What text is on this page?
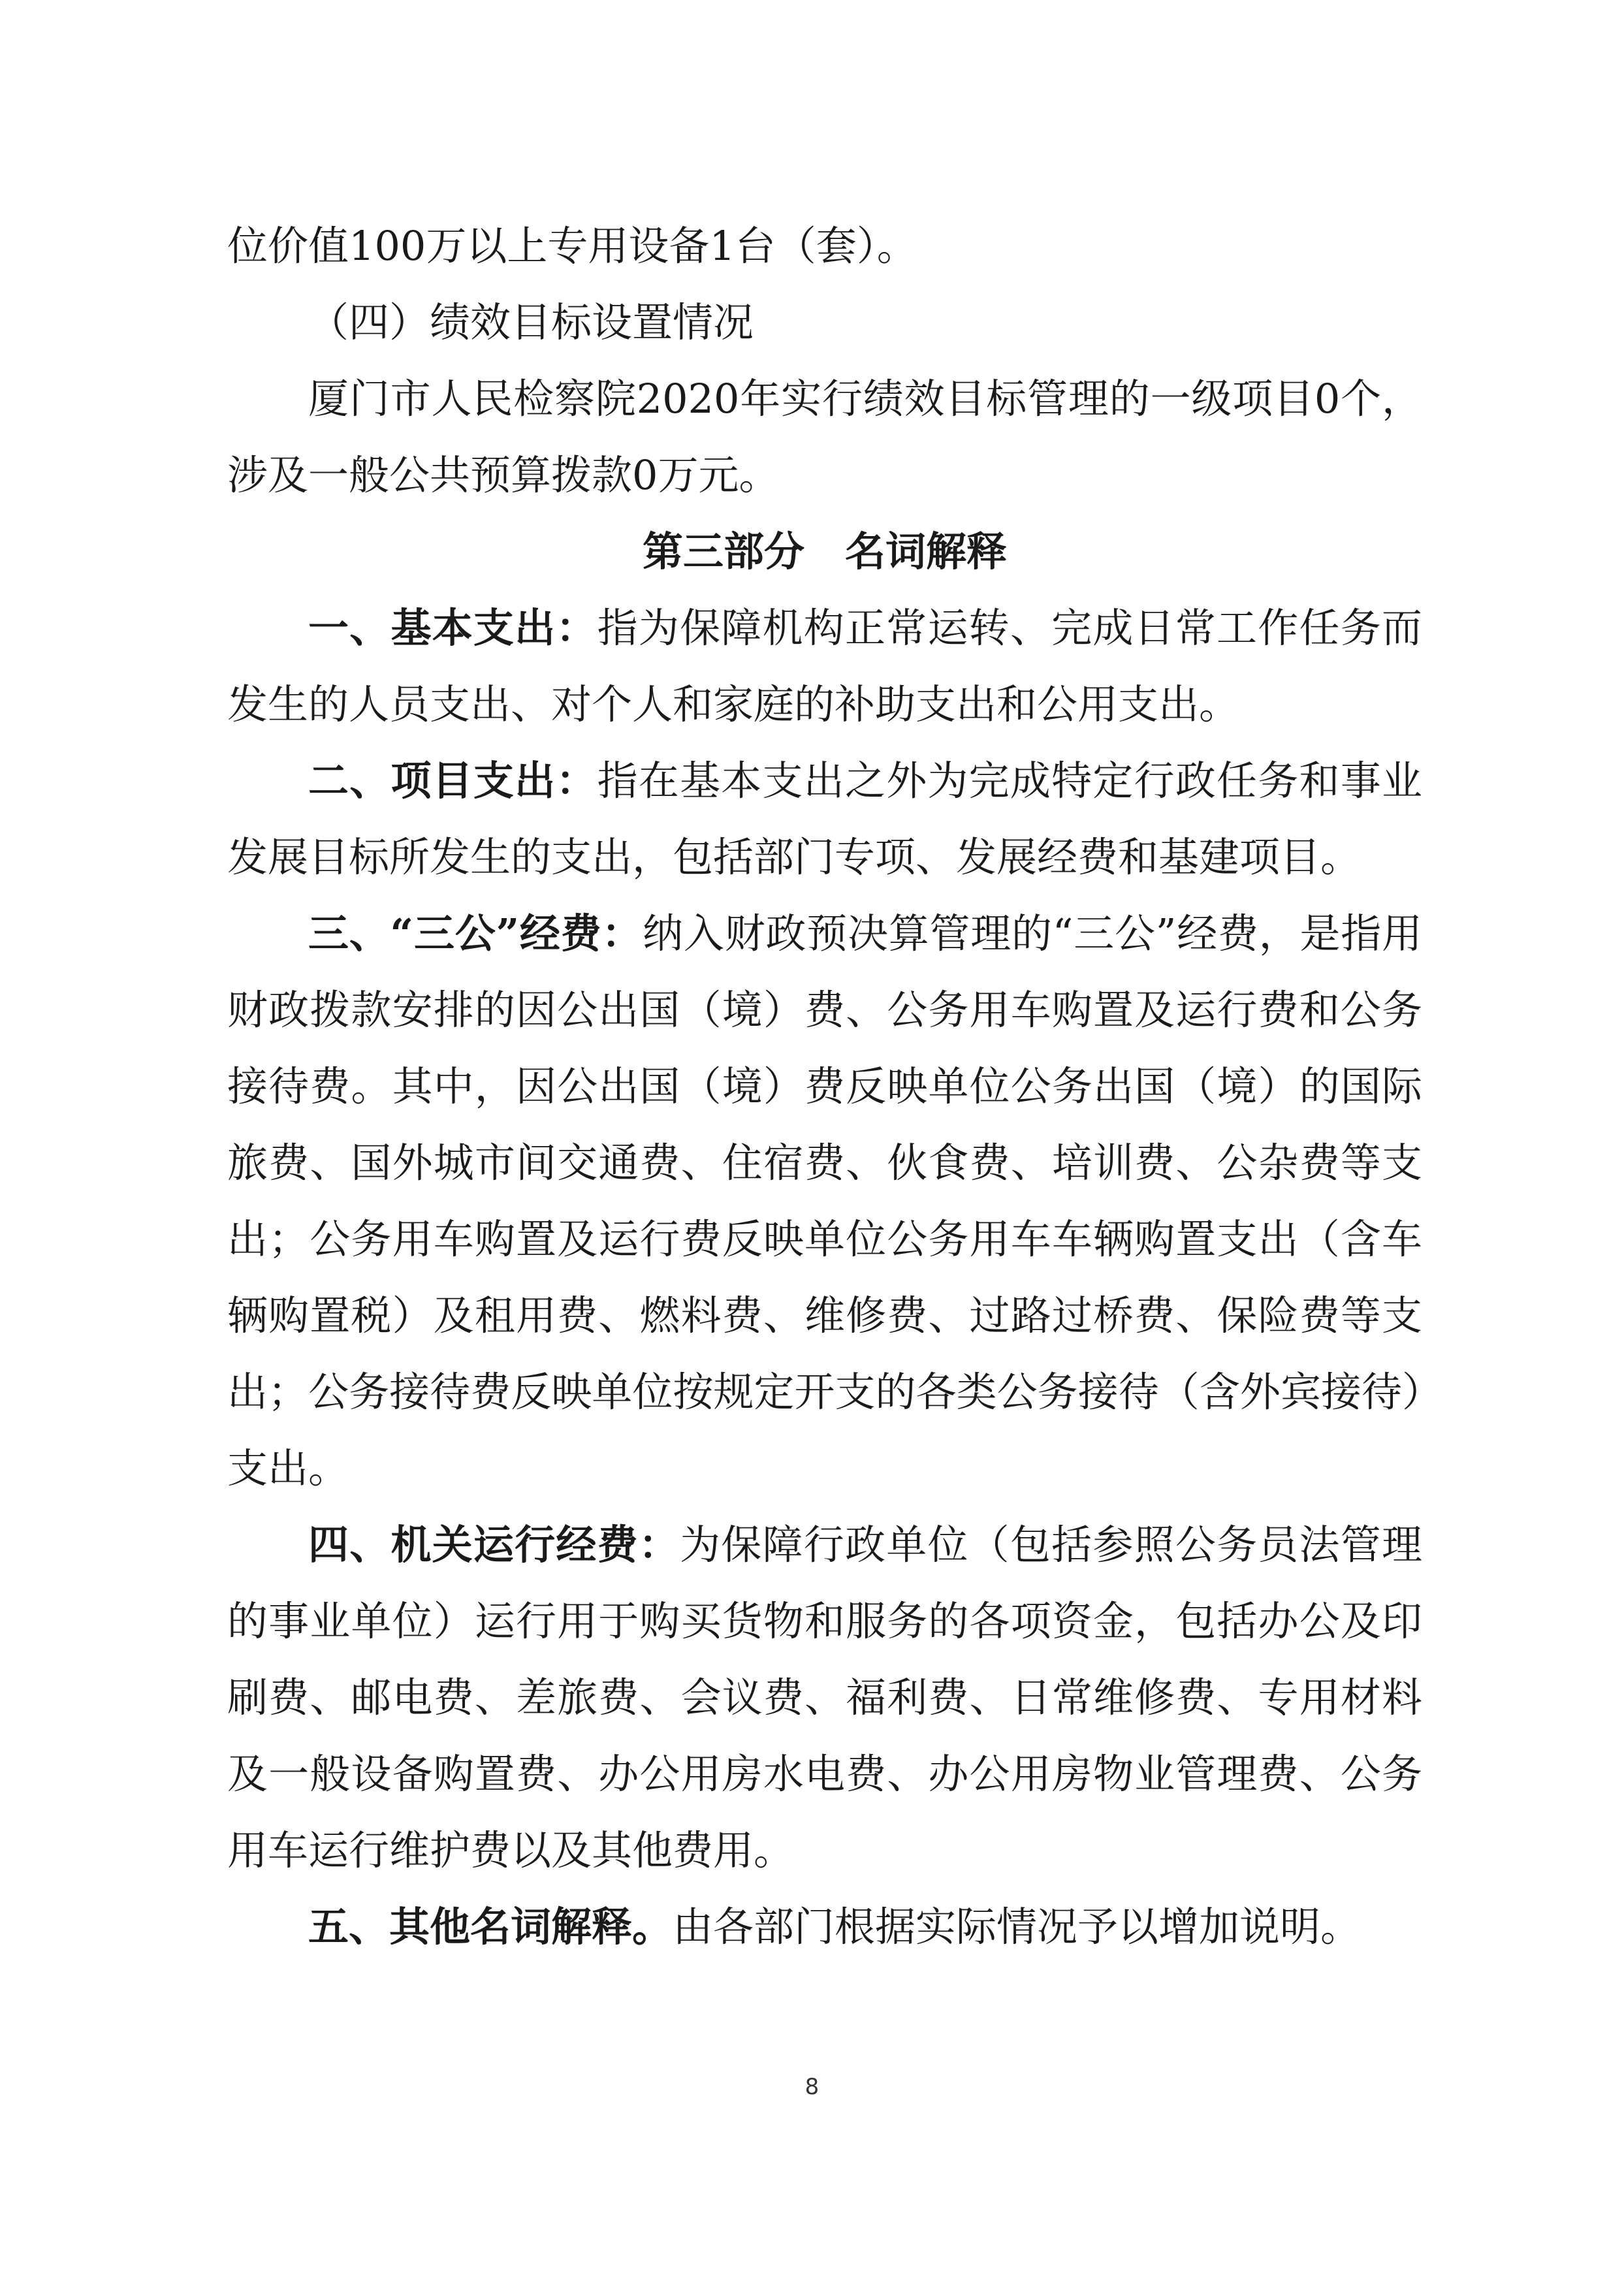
位价值100万以上专用设备1台（套）。

（四）绩效目标设置情况

厦门市人民检察院2020年实行绩效目标管理的一级项目0个，涉及一般公共预算拨款0万元。

第三部分　名词解释

一、基本支出：指为保障机构正常运转、完成日常工作任务而发生的人员支出、对个人和家庭的补助支出和公用支出。

二、项目支出：指在基本支出之外为完成特定行政任务和事业发展目标所发生的支出，包括部门专项、发展经费和基建项目。

三、“三公”经费：纳入财政预决算管理的“三公”经费，是指用财政拨款安排的因公出国（境）费、公务用车购置及运行费和公务接待费。其中，因公出国（境）费反映单位公务出国（境）的国际旅费、国外城市间交通费、住宿费、伙食费、培训费、公杂费等支出；公务用车购置及运行费反映单位公务用车车辆购置支出（含车辆购置税）及租用费、燃料费、维修费、过路过桥费、保险费等支出；公务接待费反映单位按规定开支的各类公务接待（含外宾接待）支出。

四、机关运行经费：为保障行政单位（包括参照公务员法管理的事业单位）运行用于购买货物和服务的各项资金，包括办公及印刷费、邮电费、差旅费、会议费、福利费、日常维修费、专用材料及一般设备购置费、办公用房水电费、办公用房物业管理费、公务用车运行维护费以及其他费用。

五、其他名词解释。由各部门根据实际情况予以增加说明。

8
